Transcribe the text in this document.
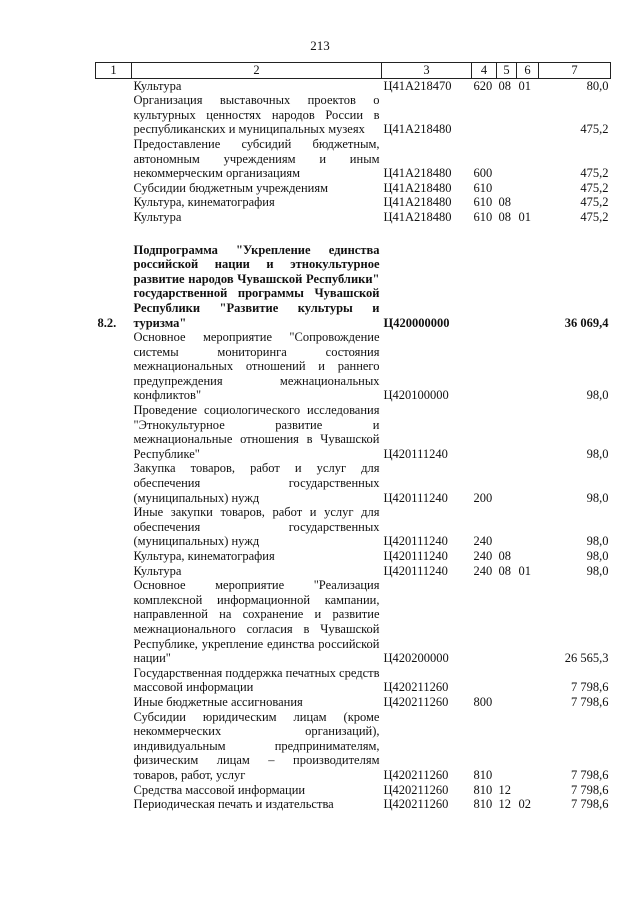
213
1	2	3	4	5	6	7
	Культура	Ц41А218470	620	08	01	80,0
	Организация выставочных проектов о культурных ценностях народов России в республиканских и муниципальных музеях	Ц41А218480				475,2
	Предоставление субсидий бюджетным, автономным учреждениям и иным некоммерческим организациям	Ц41А218480	600			475,2
	Субсидии бюджетным учреждениям	Ц41А218480	610			475,2
	Культура, кинематография	Ц41А218480	610	08		475,2
	Культура	Ц41А218480	610	08	01	475,2

8.2.	Подпрограмма "Укрепление единства российской нации и этнокультурное развитие народов Чувашской Республики" государственной программы Чувашской Республики "Развитие культуры и туризма"	Ц420000000				36 069,4
	Основное мероприятие "Сопровождение системы мониторинга состояния межнациональных отношений и раннего предупреждения межнациональных конфликтов"	Ц420100000				98,0
	Проведение социологического исследования "Этнокультурное развитие и межнациональные отношения в Чувашской Республике"	Ц420111240				98,0
	Закупка товаров, работ и услуг для обеспечения государственных (муниципальных) нужд	Ц420111240	200			98,0
	Иные закупки товаров, работ и услуг для обеспечения государственных (муниципальных) нужд	Ц420111240	240			98,0
	Культура, кинематография	Ц420111240	240	08		98,0
	Культура	Ц420111240	240	08	01	98,0
	Основное мероприятие "Реализация комплексной информационной кампании, направленной на сохранение и развитие межнационального согласия в Чувашской Республике, укрепление единства российской нации"	Ц420200000				26 565,3
	Государственная поддержка печатных средств массовой информации	Ц420211260				7 798,6
	Иные бюджетные ассигнования	Ц420211260	800			7 798,6
	Субсидии юридическим лицам (кроме некоммерческих организаций), индивидуальным предпринимателям, физическим лицам – производителям товаров, работ, услуг	Ц420211260	810			7 798,6
	Средства массовой информации	Ц420211260	810	12		7 798,6
	Периодическая печать и издательства	Ц420211260	810	12	02	7 798,6
